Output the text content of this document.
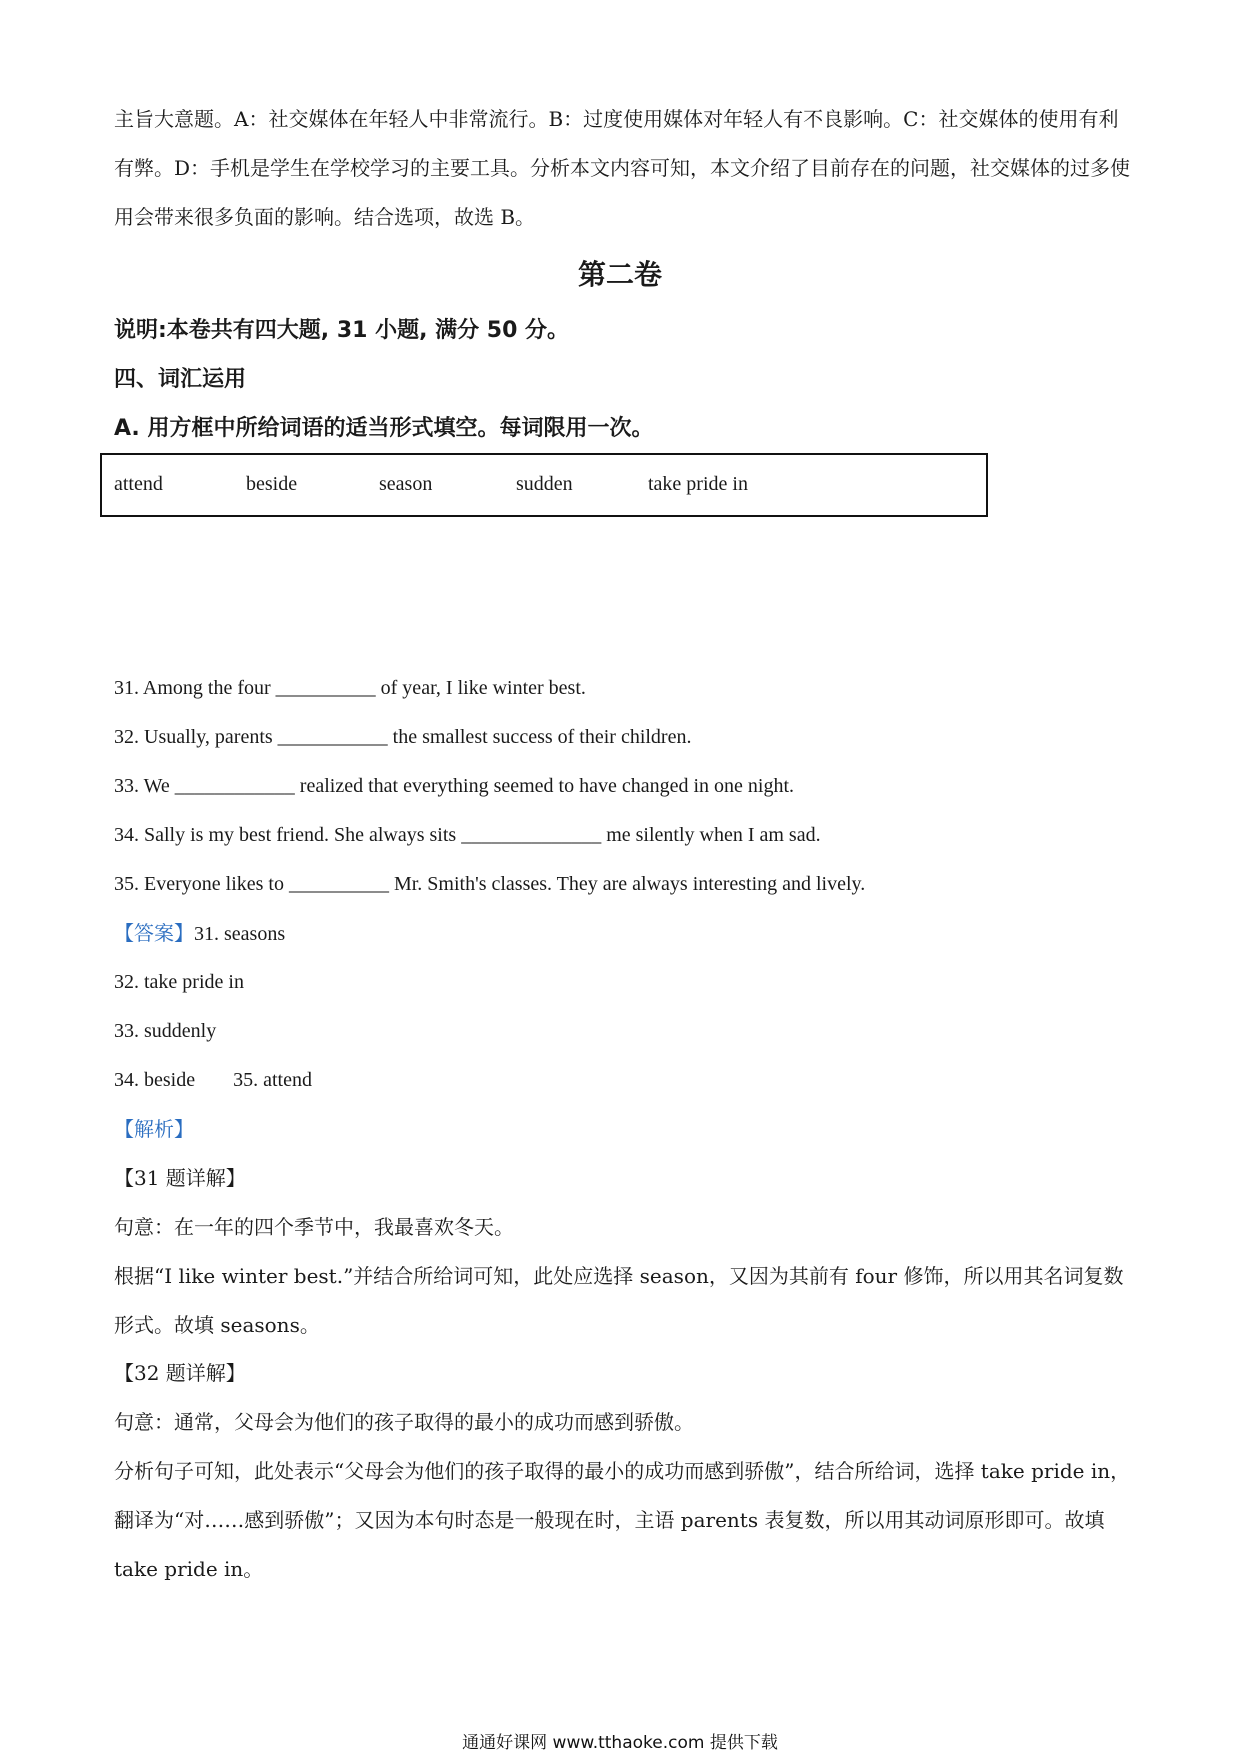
主旨大意题。A：社交媒体在年轻人中非常流行。B：过度使用媒体对年轻人有不良影响。C：社交媒体的使用有利有弊。D：手机是学生在学校学习的主要工具。分析本文内容可知，本文介绍了目前存在的问题，社交媒体的过多使用会带来很多负面的影响。结合选项，故选 B。

第二卷

说明:本卷共有四大题, 31 小题, 满分 50 分。

四、词汇运用

A. 用方框中所给词语的适当形式填空。每词限用一次。

attend	beside	season	sudden	take pride in

31. Among the four __________ of year, I like winter best.

32. Usually, parents ___________ the smallest success of their children.

33. We ____________ realized that everything seemed to have changed in one night.

34. Sally is my best friend. She always sits ______________ me silently when I am sad.

35. Everyone likes to __________ Mr. Smith's classes. They are always interesting and lively.

【答案】31. seasons

32. take pride in

33. suddenly

34. beside 35. attend

【解析】

【31 题详解】

句意：在一年的四个季节中，我最喜欢冬天。

根据“I like winter best.”并结合所给词可知，此处应选择 season，又因为其前有 four 修饰，所以用其名词复数形式。故填 seasons。

【32 题详解】

句意：通常，父母会为他们的孩子取得的最小的成功而感到骄傲。

分析句子可知，此处表示“父母会为他们的孩子取得的最小的成功而感到骄傲”，结合所给词，选择 take pride in，翻译为“对……感到骄傲”；又因为本句时态是一般现在时，主语 parents 表复数，所以用其动词原形即可。故填 take pride in。

通通好课网 www.tthaoke.com 提供下载
